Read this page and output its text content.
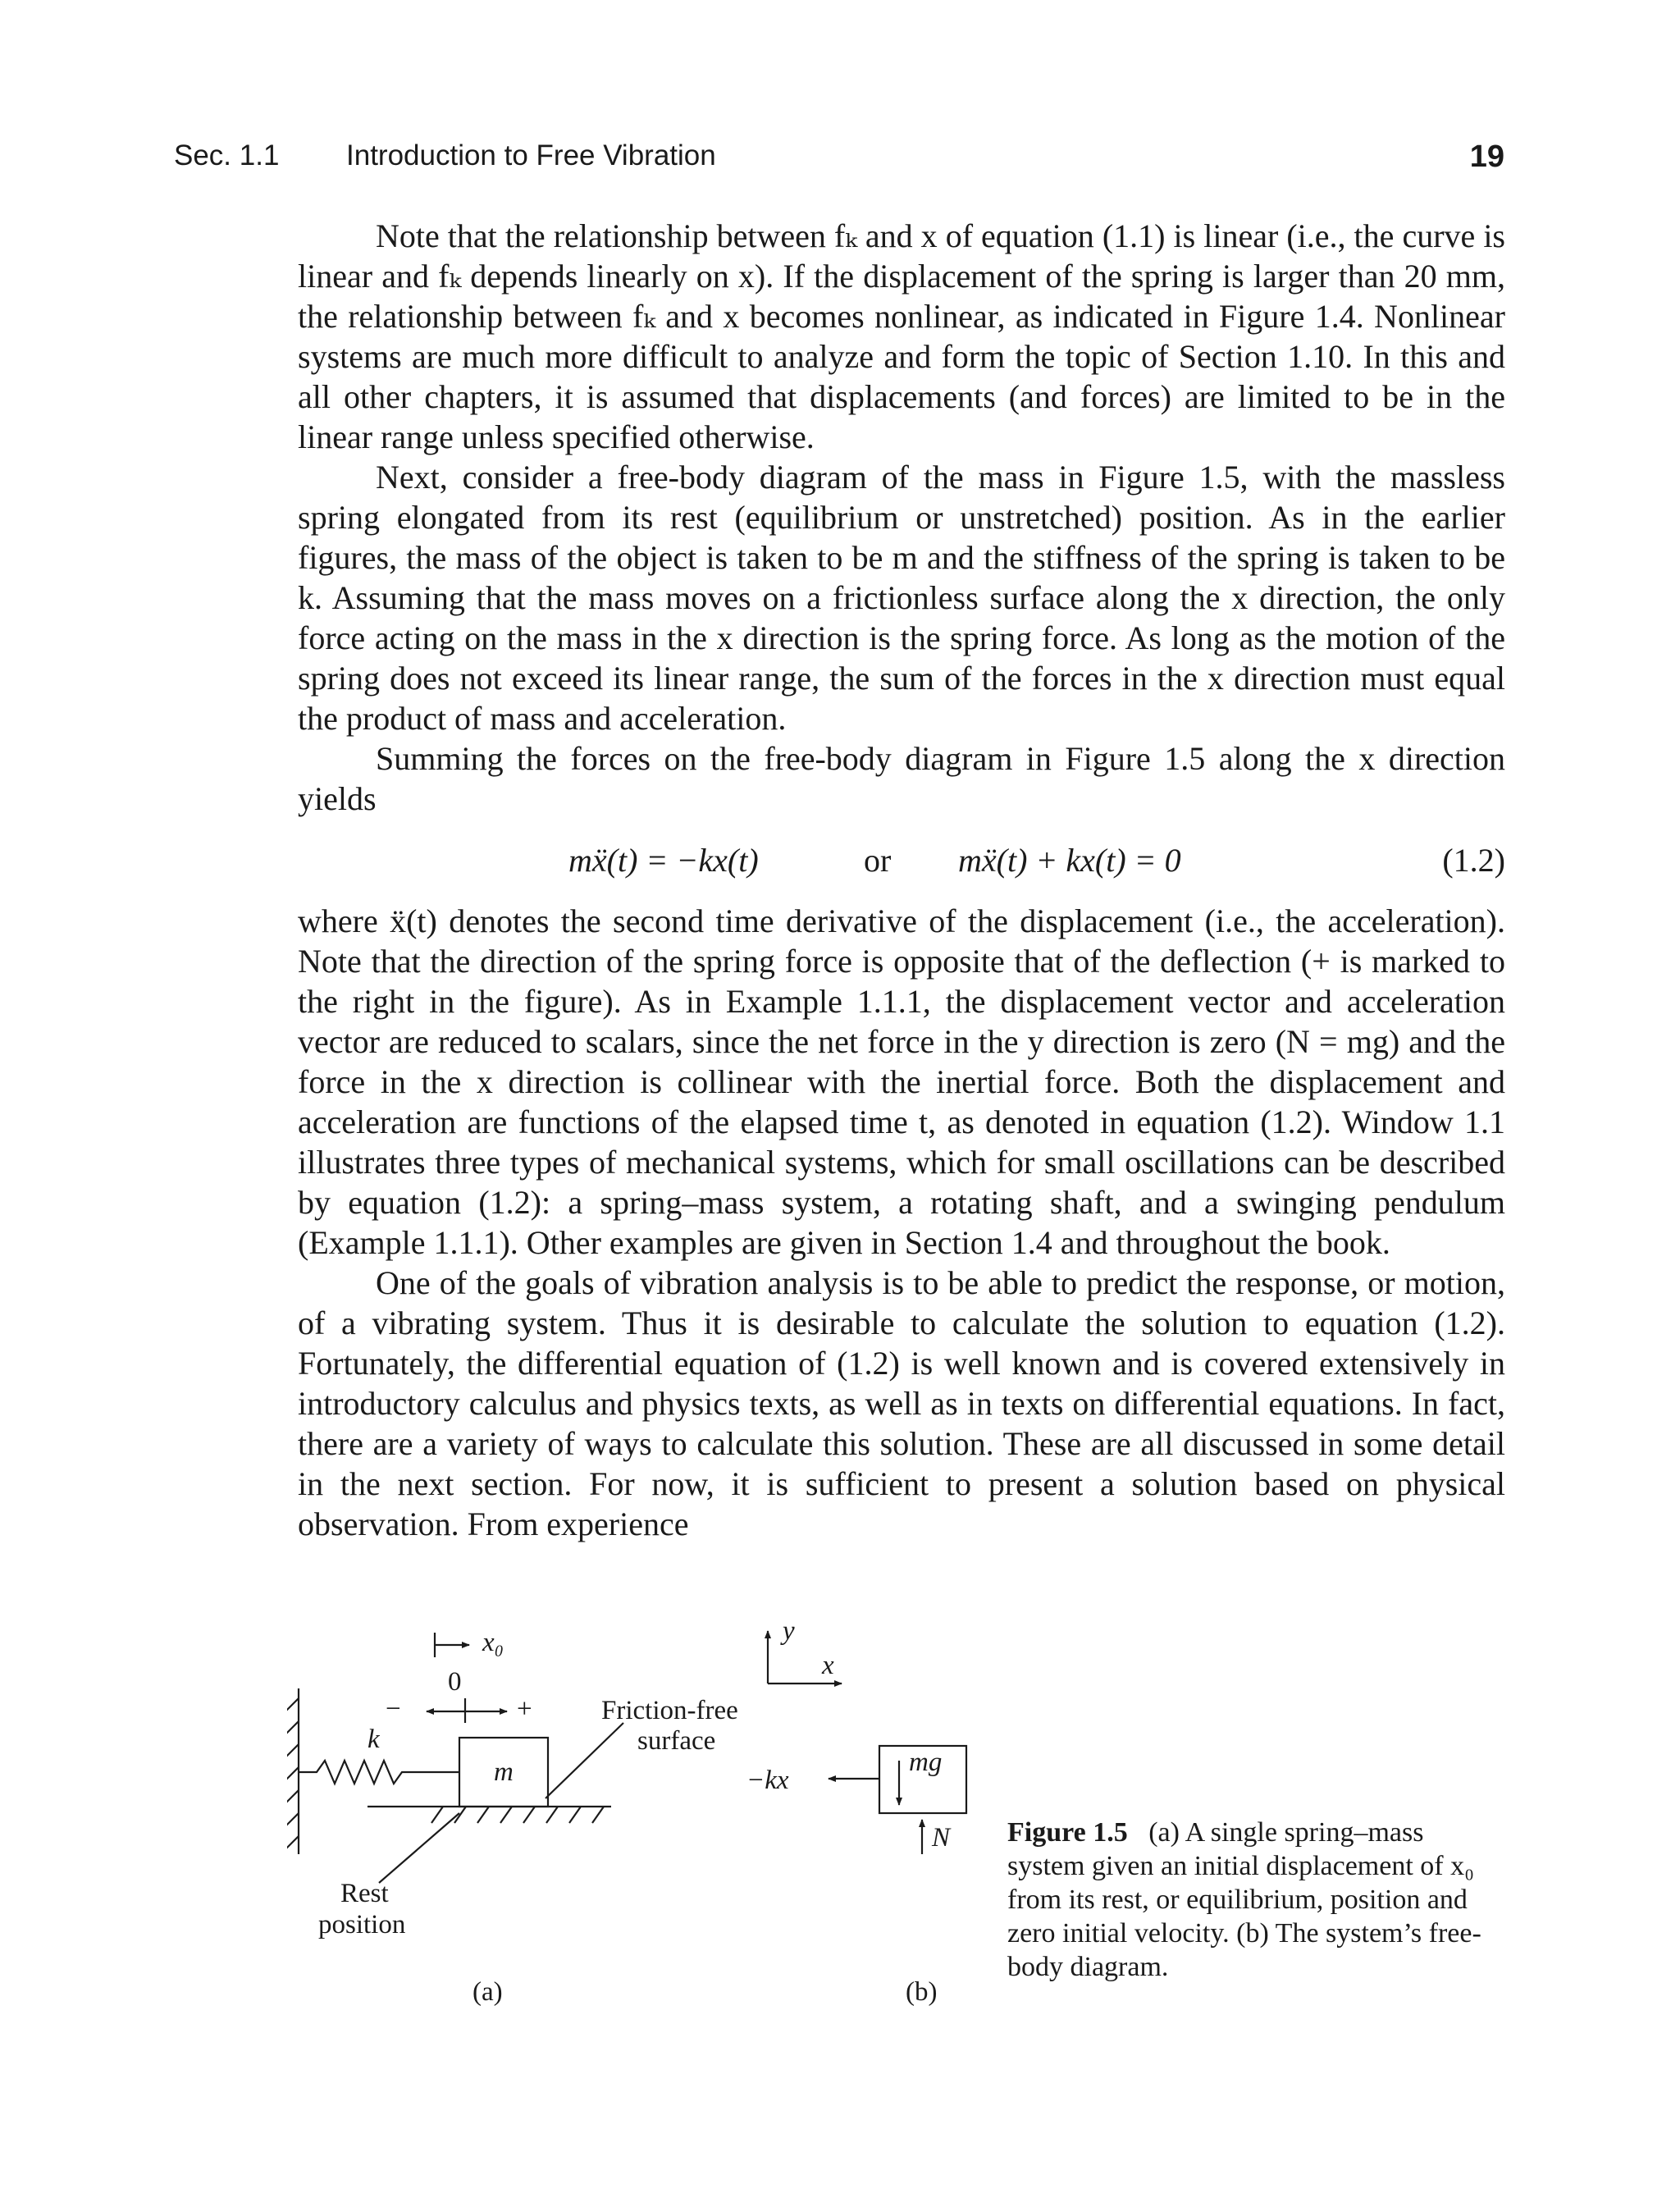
Sec. 1.1 Introduction to Free Vibration	19

Note that the relationship between fₖ and x of equation (1.1) is linear (i.e., the curve is linear and fₖ depends linearly on x). If the displacement of the spring is larger than 20 mm, the relationship between fₖ and x becomes nonlinear, as indicated in Figure 1.4. Nonlinear systems are much more difficult to analyze and form the topic of Section 1.10. In this and all other chapters, it is assumed that displacements (and forces) are limited to be in the linear range unless specified otherwise.

Next, consider a free-body diagram of the mass in Figure 1.5, with the massless spring elongated from its rest (equilibrium or unstretched) position. As in the earlier figures, the mass of the object is taken to be m and the stiffness of the spring is taken to be k. Assuming that the mass moves on a frictionless surface along the x direction, the only force acting on the mass in the x direction is the spring force. As long as the motion of the spring does not exceed its linear range, the sum of the forces in the x direction must equal the product of mass and acceleration.

Summing the forces on the free-body diagram in Figure 1.5 along the x direction yields

mẍ(t) = −kx(t)	or mẍ(t) + kx(t) = 0	(1.2)

where ẍ(t) denotes the second time derivative of the displacement (i.e., the acceleration). Note that the direction of the spring force is opposite that of the deflection (+ is marked to the right in the figure). As in Example 1.1.1, the displacement vector and acceleration vector are reduced to scalars, since the net force in the y direction is zero (N = mg) and the force in the x direction is collinear with the inertial force. Both the displacement and acceleration are functions of the elapsed time t, as denoted in equation (1.2). Window 1.1 illustrates three types of mechanical systems, which for small oscillations can be described by equation (1.2): a spring–mass system, a rotating shaft, and a swinging pendulum (Example 1.1.1). Other examples are given in Section 1.4 and throughout the book.

One of the goals of vibration analysis is to be able to predict the response, or motion, of a vibrating system. Thus it is desirable to calculate the solution to equation (1.2). Fortunately, the differential equation of (1.2) is well known and is covered extensively in introductory calculus and physics texts, as well as in texts on differential equations. In fact, there are a variety of ways to calculate this solution. These are all discussed in some detail in the next section. For now, it is sufficient to present a solution based on physical observation. From experience

x₀
0
−	+
k
m
Friction-free
surface
Rest
position
(a)
y
x
−kx
mg
N
(b)
Figure 1.5 (a) A single spring–mass system given an initial displacement of x₀ from its rest, or equilibrium, position and zero initial velocity. (b) The system’s free-body diagram.
